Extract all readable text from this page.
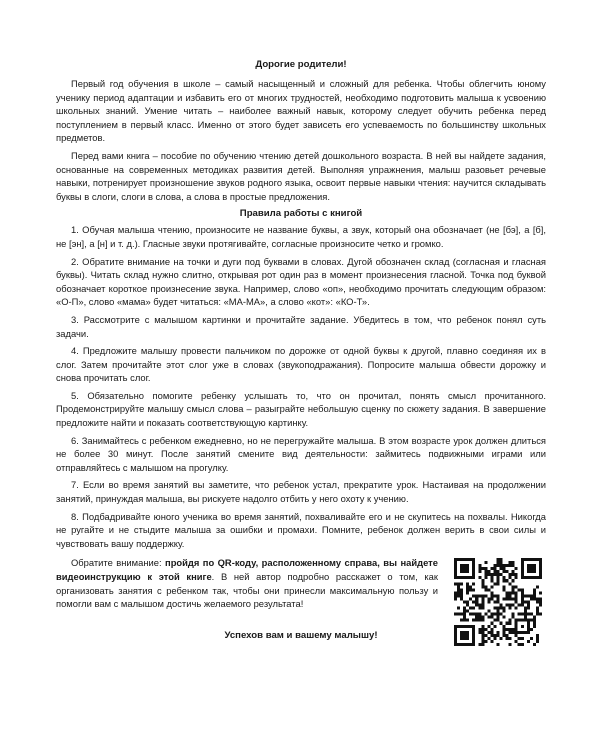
Дорогие родители!

Первый год обучения в школе – самый насыщенный и сложный для ребенка. Чтобы облегчить юному ученику период адаптации и избавить его от многих трудностей, необходимо подготовить малыша к усвоению школьных знаний. Умение читать – наиболее важный навык, которому следует обучить ребенка перед поступлением в первый класс. Именно от этого будет зависеть его успеваемость по большинству школьных предметов.

Перед вами книга – пособие по обучению чтению детей дошкольного возраста. В ней вы найдете задания, основанные на современных методиках развития детей. Выполняя упражнения, малыш разовьет речевые навыки, потренирует произношение звуков родного языка, освоит первые навыки чтения: научится складывать буквы в слоги, слоги в слова, а слова в простые предложения.

Правила работы с книгой

1. Обучая малыша чтению, произносите не название буквы, а звук, который она обозначает (не [бэ], а [б], не [эн], а [н] и т. д.). Гласные звуки протягивайте, согласные произносите четко и громко.

2. Обратите внимание на точки и дуги под буквами в словах. Дугой обозначен склад (согласная и гласная буквы). Читать склад нужно слитно, открывая рот один раз в момент произнесения гласной. Точка под буквой обозначает короткое произнесение звука. Например, слово «оп», необходимо прочитать следующим образом: «О-П», слово «мама» будет читаться: «МА-МА», а слово «кот»: «КО-Т».

3. Рассмотрите с малышом картинки и прочитайте задание. Убедитесь в том, что ребенок понял суть задачи.

4. Предложите малышу провести пальчиком по дорожке от одной буквы к другой, плавно соединяя их в слог. Затем прочитайте этот слог уже в словах (звукоподражания). Попросите малыша обвести дорожку и снова прочитать слог.

5. Обязательно помогите ребенку услышать то, что он прочитал, понять смысл прочитанного. Продемонстрируйте малышу смысл слова – разыграйте небольшую сценку по сюжету задания. В завершение предложите найти и показать соответствующую картинку.

6. Занимайтесь с ребенком ежедневно, но не перегружайте малыша. В этом возрасте урок должен длиться не более 30 минут. После занятий смените вид деятельности: займитесь подвижными играми или отправляйтесь с малышом на прогулку.

7. Если во время занятий вы заметите, что ребенок устал, прекратите урок. Настаивая на продолжении занятий, принуждая малыша, вы рискуете надолго отбить у него охоту к учению.

8. Подбадривайте юного ученика во время занятий, похваливайте его и не скупитесь на похвалы. Никогда не ругайте и не стыдите малыша за ошибки и промахи. Помните, ребенок должен верить в свои силы и чувствовать вашу поддержку.

Обратите внимание: пройдя по QR-коду, расположенному справа, вы найдете видеоинструкцию к этой книге. В ней автор подробно расскажет о том, как организовать занятия с ребенком так, чтобы они принесли максимальную пользу и помогли вам с малышом достичь желаемого результата!

Успехов вам и вашему малышу!
